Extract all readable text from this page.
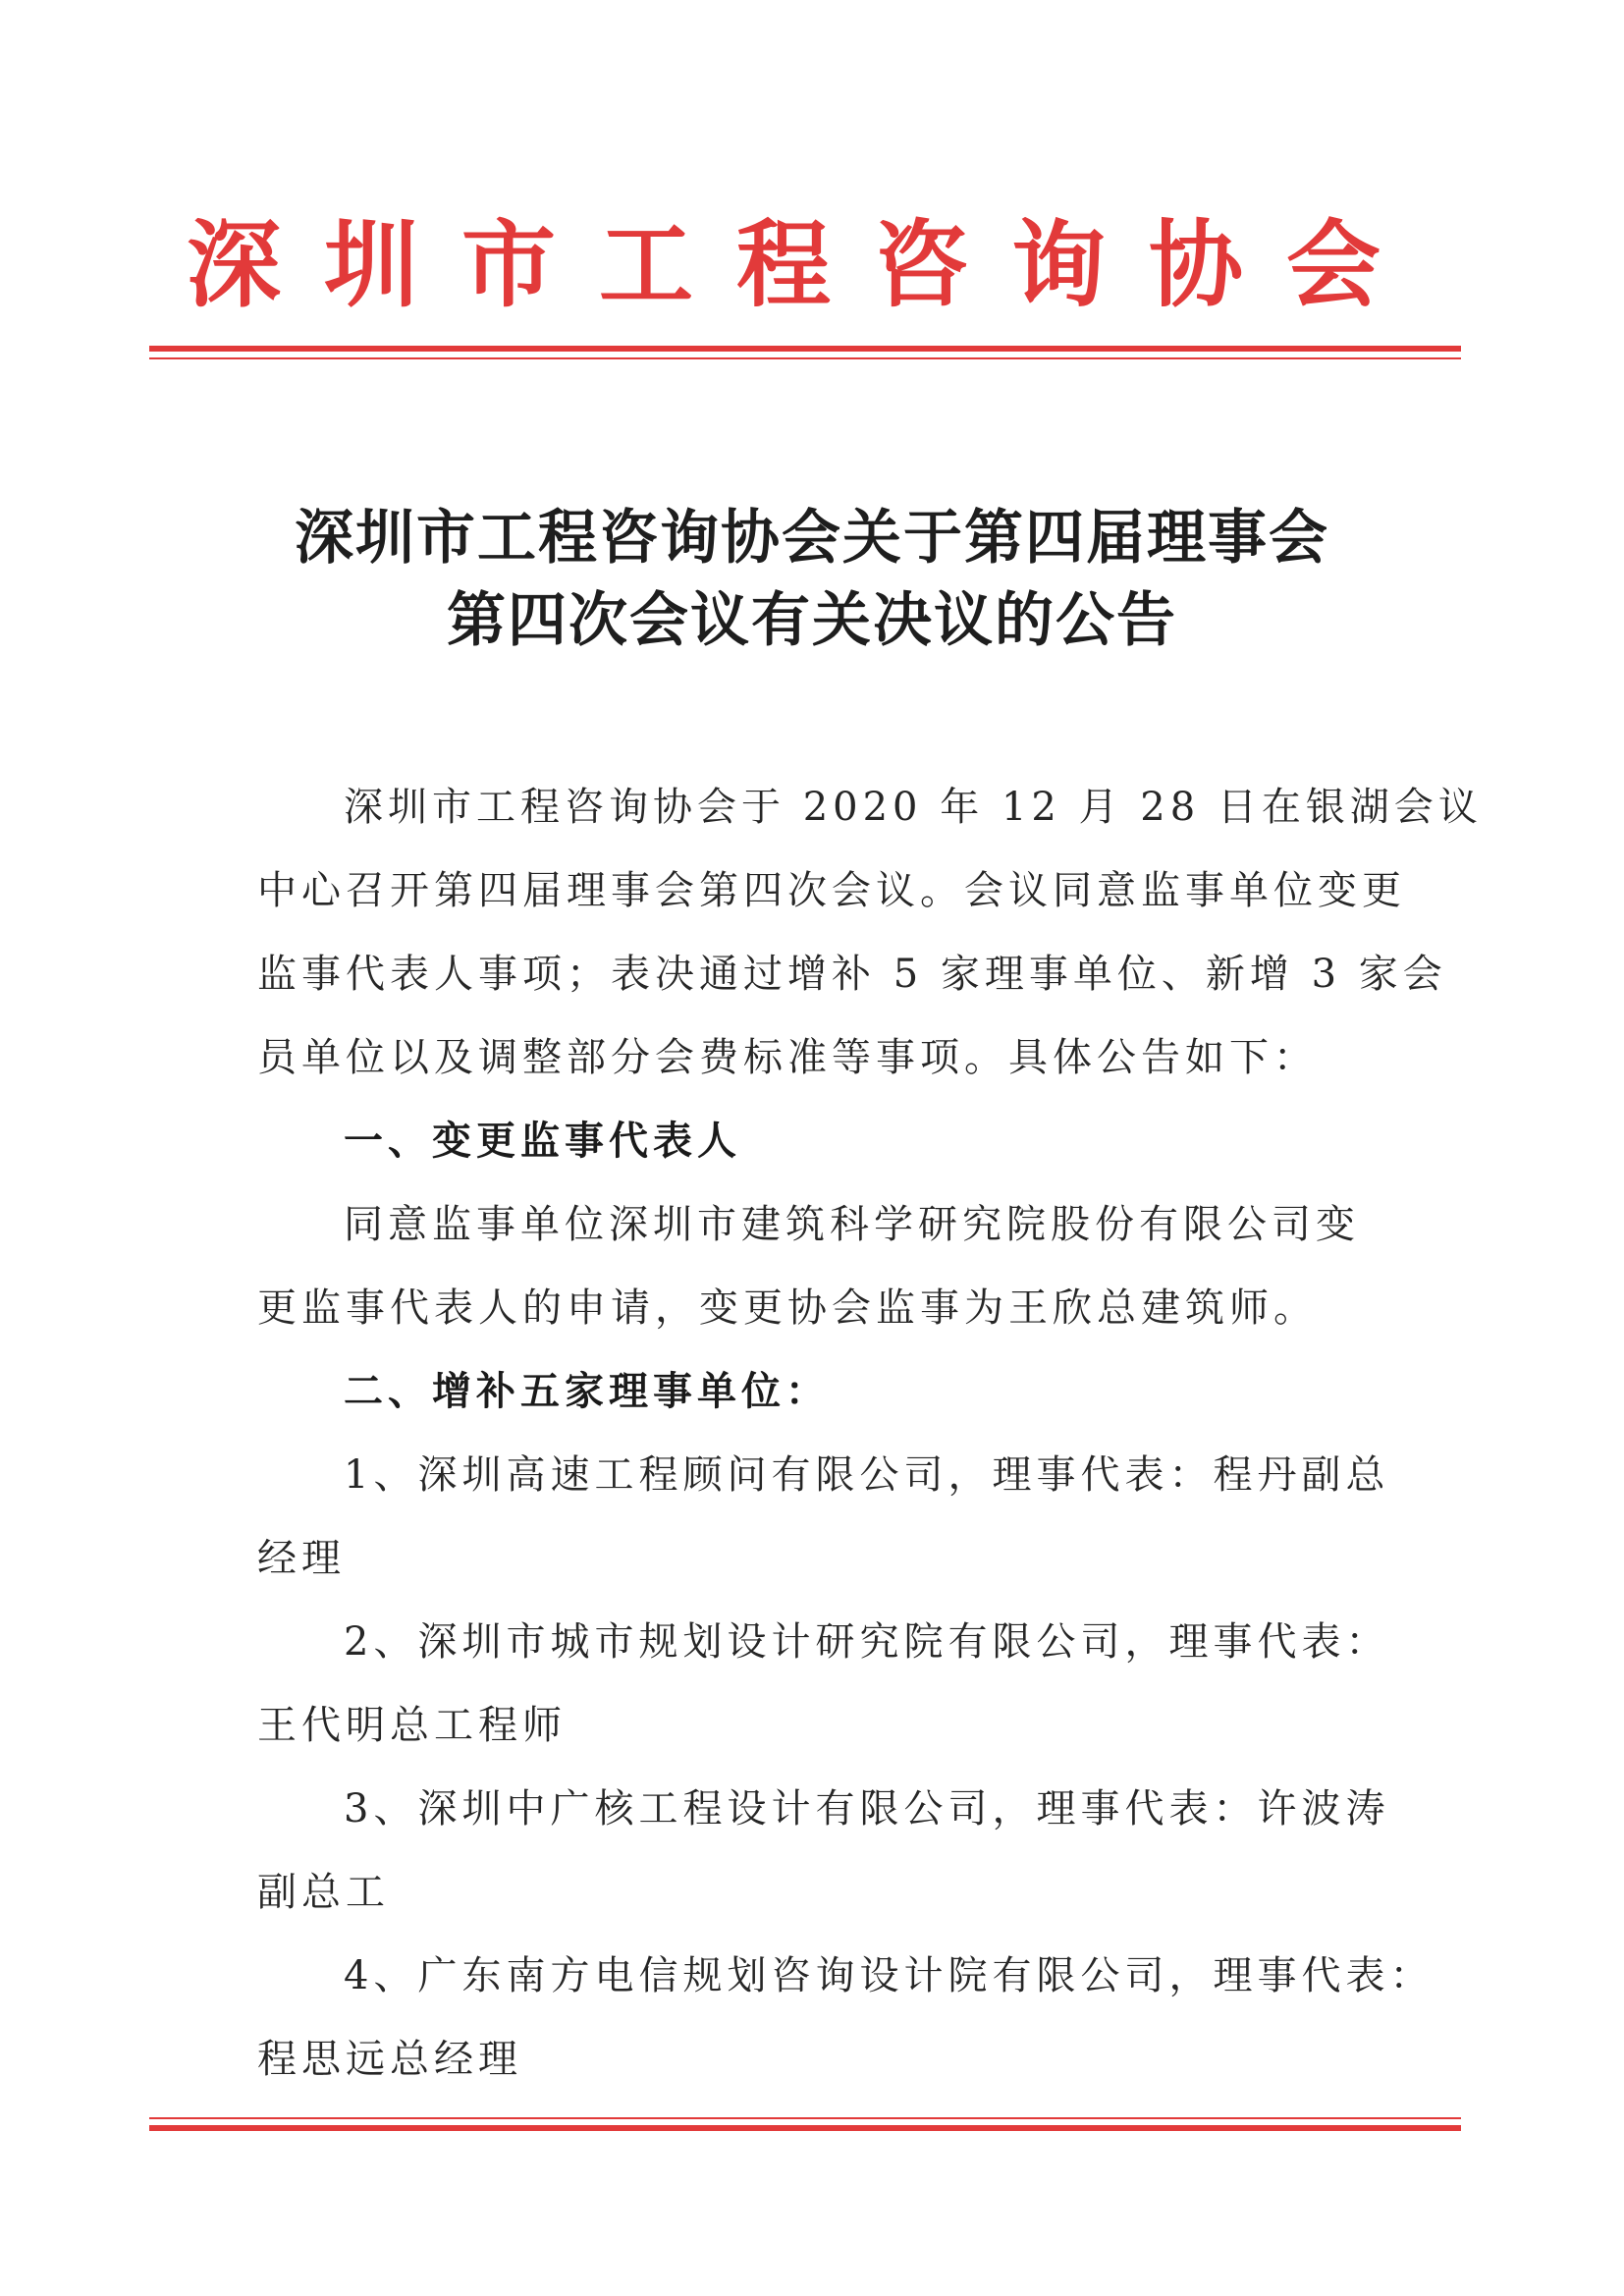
深圳市工程咨询协会
深圳市工程咨询协会关于第四届理事会
第四次会议有关决议的公告
深圳市工程咨询协会于 2020 年 12 月 28 日在银湖会议
中心召开第四届理事会第四次会议。会议同意监事单位变更
监事代表人事项；表决通过增补 5 家理事单位、新增 3 家会
员单位以及调整部分会费标准等事项。具体公告如下：
一、变更监事代表人
同意监事单位深圳市建筑科学研究院股份有限公司变
更监事代表人的申请，变更协会监事为王欣总建筑师。
二、增补五家理事单位：
1、深圳高速工程顾问有限公司，理事代表：程丹副总
经理
2、深圳市城市规划设计研究院有限公司，理事代表：
王代明总工程师
3、深圳中广核工程设计有限公司，理事代表：许波涛
副总工
4、广东南方电信规划咨询设计院有限公司，理事代表：
程思远总经理
